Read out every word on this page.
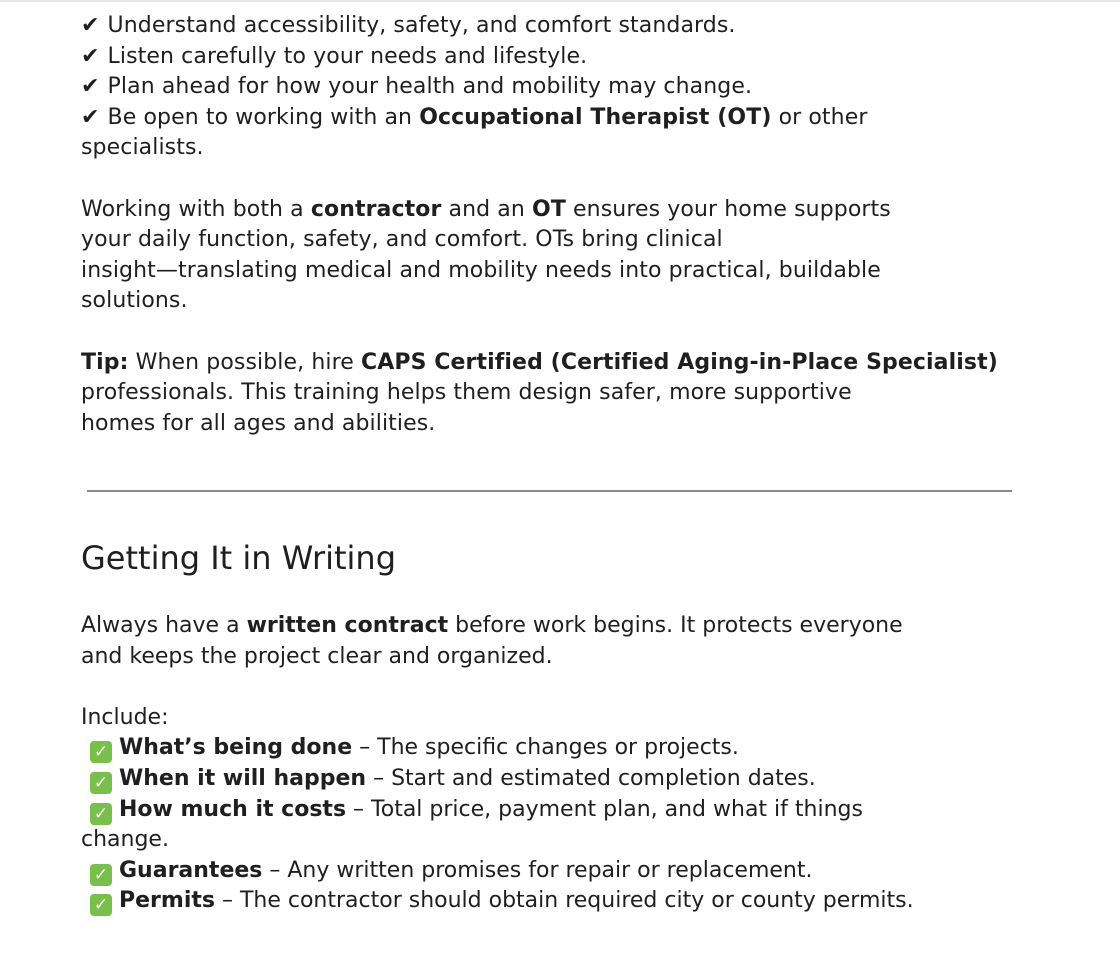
✔ Understand accessibility, safety, and comfort standards.
✔ Listen carefully to your needs and lifestyle.
✔ Plan ahead for how your health and mobility may change.
✔ Be open to working with an Occupational Therapist (OT) or other
specialists.
Working with both a contractor and an OT ensures your home supports
your daily function, safety, and comfort. OTs bring clinical
insight—translating medical and mobility needs into practical, buildable
solutions.
Tip: When possible, hire CAPS Certified (Certified Aging-in-Place Specialist)
professionals. This training helps them design safer, more supportive
homes for all ages and abilities.
Getting It in Writing
Always have a written contract before work begins. It protects everyone
and keeps the project clear and organized.
Include:
✓ What’s being done – The specific changes or projects.
✓ When it will happen – Start and estimated completion dates.
✓ How much it costs – Total price, payment plan, and what if things
change.
✓ Guarantees – Any written promises for repair or replacement.
✓ Permits – The contractor should obtain required city or county permits.
